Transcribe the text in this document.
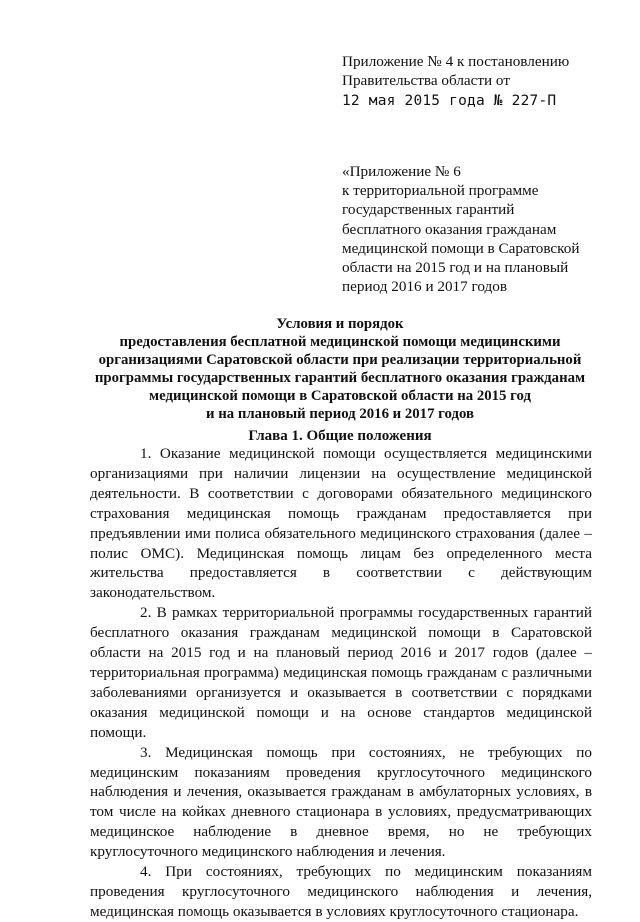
Приложение № 4 к постановлению
Правительства области от
12 мая 2015 года № 227-П
«Приложение № 6
к территориальной программе
государственных гарантий
бесплатного оказания гражданам
медицинской помощи в Саратовской
области на 2015 год и на плановый
период 2016 и 2017 годов
Условия и порядок
предоставления бесплатной медицинской помощи медицинскими
организациями Саратовской области при реализации территориальной
программы государственных гарантий бесплатного оказания гражданам
медицинской помощи в Саратовской области на 2015 год
и на плановый период 2016 и 2017 годов
Глава 1. Общие положения

1. Оказание медицинской помощи осуществляется медицинскими организациями при наличии лицензии на осуществление медицинской деятельности. В соответствии с договорами обязательного медицинского страхования медицинская помощь гражданам предоставляется при предъявлении ими полиса обязательного медицинского страхования (далее – полис ОМС). Медицинская помощь лицам без определенного места жительства предоставляется в соответствии с действующим законодательством.

2. В рамках территориальной программы государственных гарантий бесплатного оказания гражданам медицинской помощи в Саратовской области на 2015 год и на плановый период 2016 и 2017 годов (далее – территориальная программа) медицинская помощь гражданам с различными заболеваниями организуется и оказывается в соответствии с порядками оказания медицинской помощи и на основе стандартов медицинской помощи.

3. Медицинская помощь при состояниях, не требующих по медицинским показаниям проведения круглосуточного медицинского наблюдения и лечения, оказывается гражданам в амбулаторных условиях, в том числе на койках дневного стационара в условиях, предусматривающих медицинское наблюдение в дневное время, но не требующих круглосуточного медицинского наблюдения и лечения.

4. При состояниях, требующих по медицинским показаниям проведения круглосуточного медицинского наблюдения и лечения, медицинская помощь оказывается в условиях круглосуточного стационара.
